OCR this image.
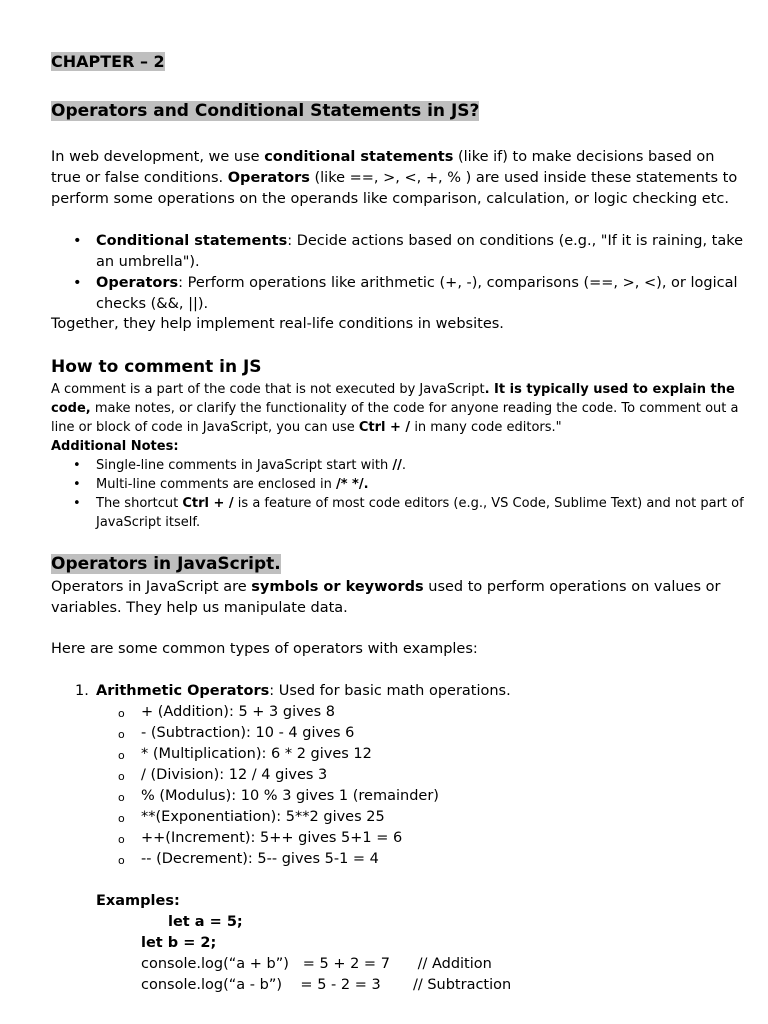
CHAPTER – 2
Operators and Conditional Statements in JS?

In web development, we use conditional statements (like if) to make decisions based on true or false conditions. Operators (like ==, >, <, +, % ) are used inside these statements to perform some operations on the operands like comparison, calculation, or logic checking etc.

• Conditional statements: Decide actions based on conditions (e.g., "If it is raining, take an umbrella").
• Operators: Perform operations like arithmetic (+, -), comparisons (==, >, <), or logical checks (&&, ||).
Together, they help implement real-life conditions in websites.
How to comment in JS

A comment is a part of the code that is not executed by JavaScript. It is typically used to explain the code, make notes, or clarify the functionality of the code for anyone reading the code. To comment out a line or block of code in JavaScript, you can use Ctrl + / in many code editors."

Additional Notes:
• Single-line comments in JavaScript start with //.
• Multi-line comments are enclosed in /* */.
• The shortcut Ctrl + / is a feature of most code editors (e.g., VS Code, Sublime Text) and not part of JavaScript itself.
Operators in JavaScript.

Operators in JavaScript are symbols or keywords used to perform operations on values or variables. They help us manipulate data.

Here are some common types of operators with examples:
1. Arithmetic Operators: Used for basic math operations.
o + (Addition): 5 + 3 gives 8
o - (Subtraction): 10 - 4 gives 6
o * (Multiplication): 6 * 2 gives 12
o / (Division): 12 / 4 gives 3
o % (Modulus): 10 % 3 gives 1 (remainder)
o **(Exponentiation): 5**2 gives 25
o ++(Increment): 5++ gives 5+1 = 6
o -- (Decrement): 5-- gives 5-1 = 4
Examples:
let a = 5;
let b = 2;
console.log(“a + b”)   = 5 + 2 = 7      // Addition
console.log(“a - b”)    = 5 - 2 = 3       // Subtraction
